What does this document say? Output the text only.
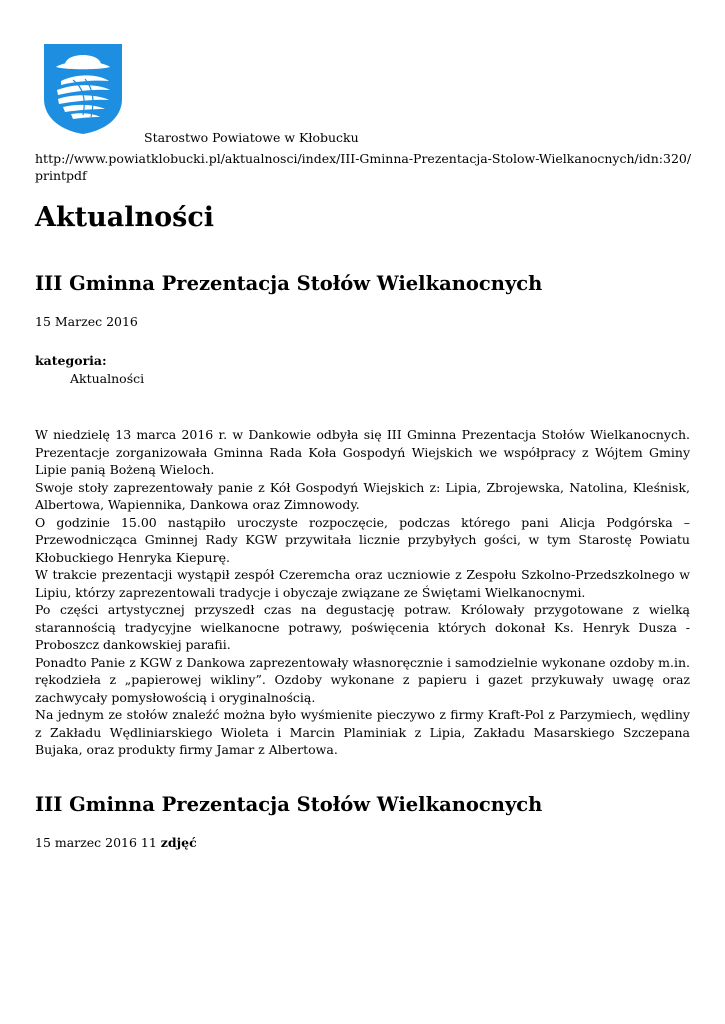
Starostwo Powiatowe w Kłobucku
http://www.powiatklobucki.pl/aktualnosci/index/III-Gminna-Prezentacja-Stolow-Wielkanocnych/idn:320/printpdf
Aktualności
III Gminna Prezentacja Stołów Wielkanocnych
15 Marzec 2016
kategoria:
Aktualności

W niedzielę 13 marca 2016 r. w Dankowie odbyła się III Gminna Prezentacja Stołów Wielkanocnych. Prezentacje zorganizowała Gminna Rada Koła Gospodyń Wiejskich we współpracy z Wójtem Gminy Lipie panią Bożeną Wieloch.

Swoje stoły zaprezentowały panie z Kół Gospodyń Wiejskich z: Lipia, Zbrojewska, Natolina, Kleśnisk, Albertowa, Wapiennika, Dankowa oraz Zimnowody.

O godzinie 15.00 nastąpiło uroczyste rozpoczęcie, podczas którego pani Alicja Podgórska – Przewodnicząca Gminnej Rady KGW przywitała licznie przybyłych gości, w tym Starostę Powiatu Kłobuckiego Henryka Kiepurę.

W trakcie prezentacji wystąpił zespół Czeremcha oraz uczniowie z Zespołu Szkolno-Przedszkolnego w Lipiu, którzy zaprezentowali tradycje i obyczaje związane ze Świętami Wielkanocnymi.

Po części artystycznej przyszedł czas na degustację potraw. Królowały przygotowane z wielką starannością tradycyjne wielkanocne potrawy, poświęcenia których dokonał Ks. Henryk Dusza - Proboszcz dankowskiej parafii.

Ponadto Panie z KGW z Dankowa zaprezentowały własnoręcznie i samodzielnie wykonane ozdoby m.in. rękodzieła z „papierowej wikliny”. Ozdoby wykonane z papieru i gazet przykuwały uwagę oraz zachwycały pomysłowością i oryginalnością.

Na jednym ze stołów znaleźć można było wyśmienite pieczywo z firmy Kraft-Pol z Parzymiech, wędliny z Zakładu Wędliniarskiego Wioleta i Marcin Plaminiak z Lipia, Zakładu Masarskiego Szczepana Bujaka, oraz produkty firmy Jamar z Albertowa.

III Gminna Prezentacja Stołów Wielkanocnych
15 marzec 2016 11 zdjęć
